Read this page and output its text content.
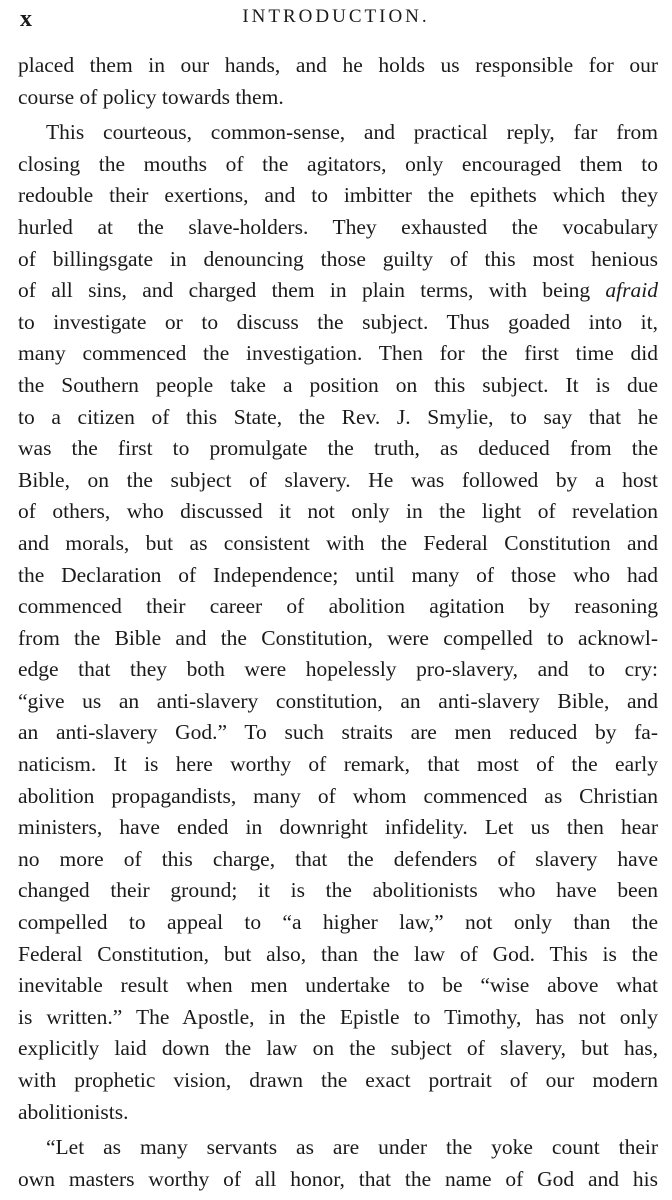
x	INTRODUCTION.
placed them in our hands, and he holds us responsible for our
course of policy towards them.
This courteous, common-sense, and practical reply, far from
closing the mouths of the agitators, only encouraged them to
redouble their exertions, and to imbitter the epithets which they
hurled at the slave-holders. They exhausted the vocabulary
of billingsgate in denouncing those guilty of this most henious
of all sins, and charged them in plain terms, with being afraid
to investigate or to discuss the subject. Thus goaded into it,
many commenced the investigation. Then for the first time did
the Southern people take a position on this subject. It is due
to a citizen of this State, the Rev. J. Smylie, to say that he
was the first to promulgate the truth, as deduced from the
Bible, on the subject of slavery. He was followed by a host
of others, who discussed it not only in the light of revelation
and morals, but as consistent with the Federal Constitution and
the Declaration of Independence; until many of those who had
commenced their career of abolition agitation by reasoning
from the Bible and the Constitution, were compelled to acknowl-
edge that they both were hopelessly pro-slavery, and to cry:
“give us an anti-slavery constitution, an anti-slavery Bible, and
an anti-slavery God.” To such straits are men reduced by fa-
naticism. It is here worthy of remark, that most of the early
abolition propagandists, many of whom commenced as Christian
ministers, have ended in downright infidelity. Let us then hear
no more of this charge, that the defenders of slavery have
changed their ground; it is the abolitionists who have been
compelled to appeal to “a higher law,” not only than the
Federal Constitution, but also, than the law of God. This is the
inevitable result when men undertake to be “wise above what
is written.” The Apostle, in the Epistle to Timothy, has not only
explicitly laid down the law on the subject of slavery, but has,
with prophetic vision, drawn the exact portrait of our modern
abolitionists.
“Let as many servants as are under the yoke count their
own masters worthy of all honor, that the name of God and his
